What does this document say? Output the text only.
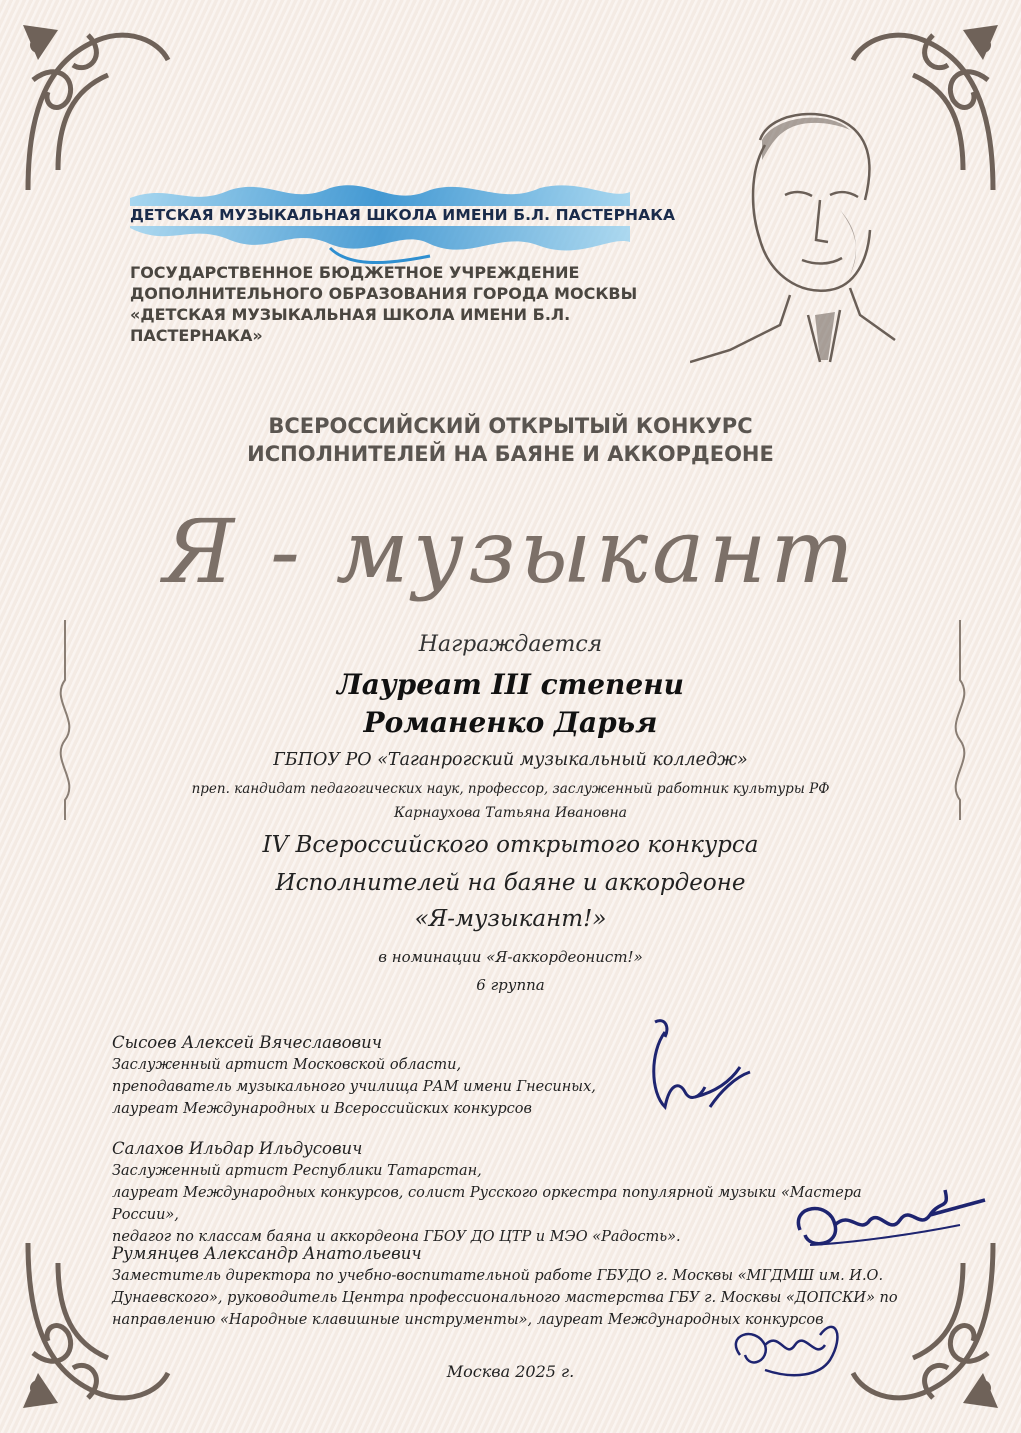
ДЕТСКАЯ МУЗЫКАЛЬНАЯ ШКОЛА ИМЕНИ Б.Л. ПАСТЕРНАКА
ГОСУДАРСТВЕННОЕ БЮДЖЕТНОЕ УЧРЕЖДЕНИЕ
ДОПОЛНИТЕЛЬНОГО ОБРАЗОВАНИЯ ГОРОДА МОСКВЫ
«ДЕТСКАЯ МУЗЫКАЛЬНАЯ ШКОЛА ИМЕНИ Б.Л. ПАСТЕРНАКА»
ВСЕРОССИЙСКИЙ ОТКРЫТЫЙ КОНКУРС
ИСПОЛНИТЕЛЕЙ НА БАЯНЕ И АККОРДЕОНЕ
Я - музыкант
Награждается
Лауреат III степени
Романенко Дарья
ГБПОУ РО «Таганрогский музыкальный колледж»
преп. кандидат педагогических наук, профессор, заслуженный работник культуры РФ
Карнаухова Татьяна Ивановна
IV Всероссийского открытого конкурса
Исполнителей на баяне и аккордеоне
«Я-музыкант!»
в номинации «Я-аккордеонист!»
6 группа
Сысоев Алексей Вячеславович
Заслуженный артист Московской области,
преподаватель музыкального училища РАМ имени Гнесиных,
лауреат Международных и Всероссийских конкурсов
Салахов Ильдар Ильдусович
Заслуженный артист Республики Татарстан,
лауреат Международных конкурсов, солист Русского оркестра популярной музыки «Мастера России»,
педагог по классам баяна и аккордеона ГБОУ ДО ЦТР и МЭО «Радость».
Румянцев Александр Анатольевич
Заместитель директора по учебно-воспитательной работе ГБУДО г. Москвы «МГДМШ им. И.О.
Дунаевского», руководитель Центра профессионального мастерства ГБУ г. Москвы «ДОПСКИ» по
направлению «Народные клавишные инструменты», лауреат Международных конкурсов
Москва 2025 г.
